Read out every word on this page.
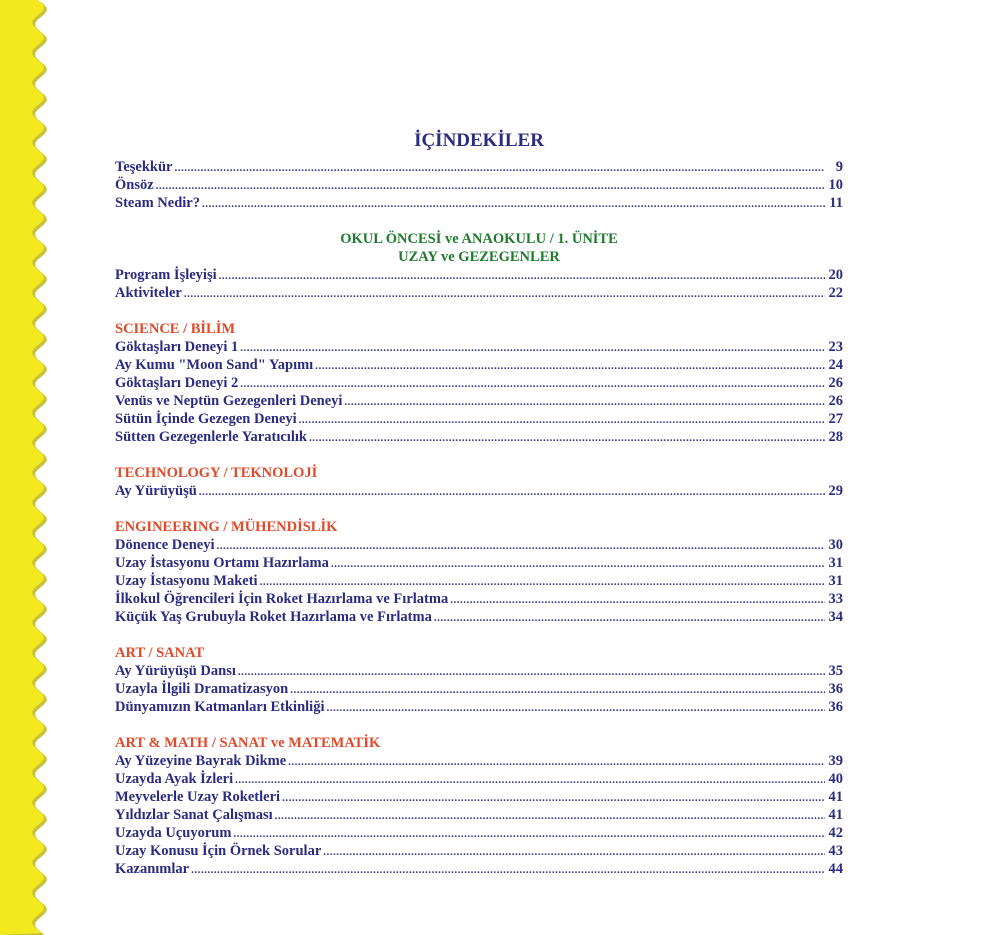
İÇİNDEKİLER
Teşekkür .....	9
Önsöz .....	10
Steam Nedir? .....	11
OKUL ÖNCESİ ve ANAOKULU / 1. ÜNİTE
UZAY ve GEZEGENLER
Program İşleyişi .....	20
Aktiviteler .....	22
SCIENCE / BİLİM
Göktaşları Deneyi 1 .....	23
Ay Kumu "Moon Sand" Yapımı .....	24
Göktaşları Deneyi 2 .....	26
Venüs ve Neptün Gezegenleri Deneyi .....	26
Sütün İçinde Gezegen Deneyi .....	27
Sütten Gezegenlerle Yaratıcılık .....	28
TECHNOLOGY / TEKNOLOJİ
Ay Yürüyüşü .....	29
ENGINEERING / MÜHENDİSLİK
Dönence Deneyi .....	30
Uzay İstasyonu Ortamı Hazırlama .....	31
Uzay İstasyonu Maketi .....	31
İlkokul Öğrencileri İçin Roket Hazırlama ve Fırlatma .....	33
Küçük Yaş Grubuyla Roket Hazırlama ve Fırlatma .....	34
ART / SANAT
Ay Yürüyüşü Dansı .....	35
Uzayla İlgili Dramatizasyon .....	36
Dünyamızın Katmanları Etkinliği .....	36
ART & MATH / SANAT ve MATEMATİK
Ay Yüzeyine Bayrak Dikme .....	39
Uzayda Ayak İzleri .....	40
Meyvelerle Uzay Roketleri .....	41
Yıldızlar Sanat Çalışması .....	41
Uzayda Uçuyorum .....	42
Uzay Konusu İçin Örnek Sorular .....	43
Kazanımlar .....	44
